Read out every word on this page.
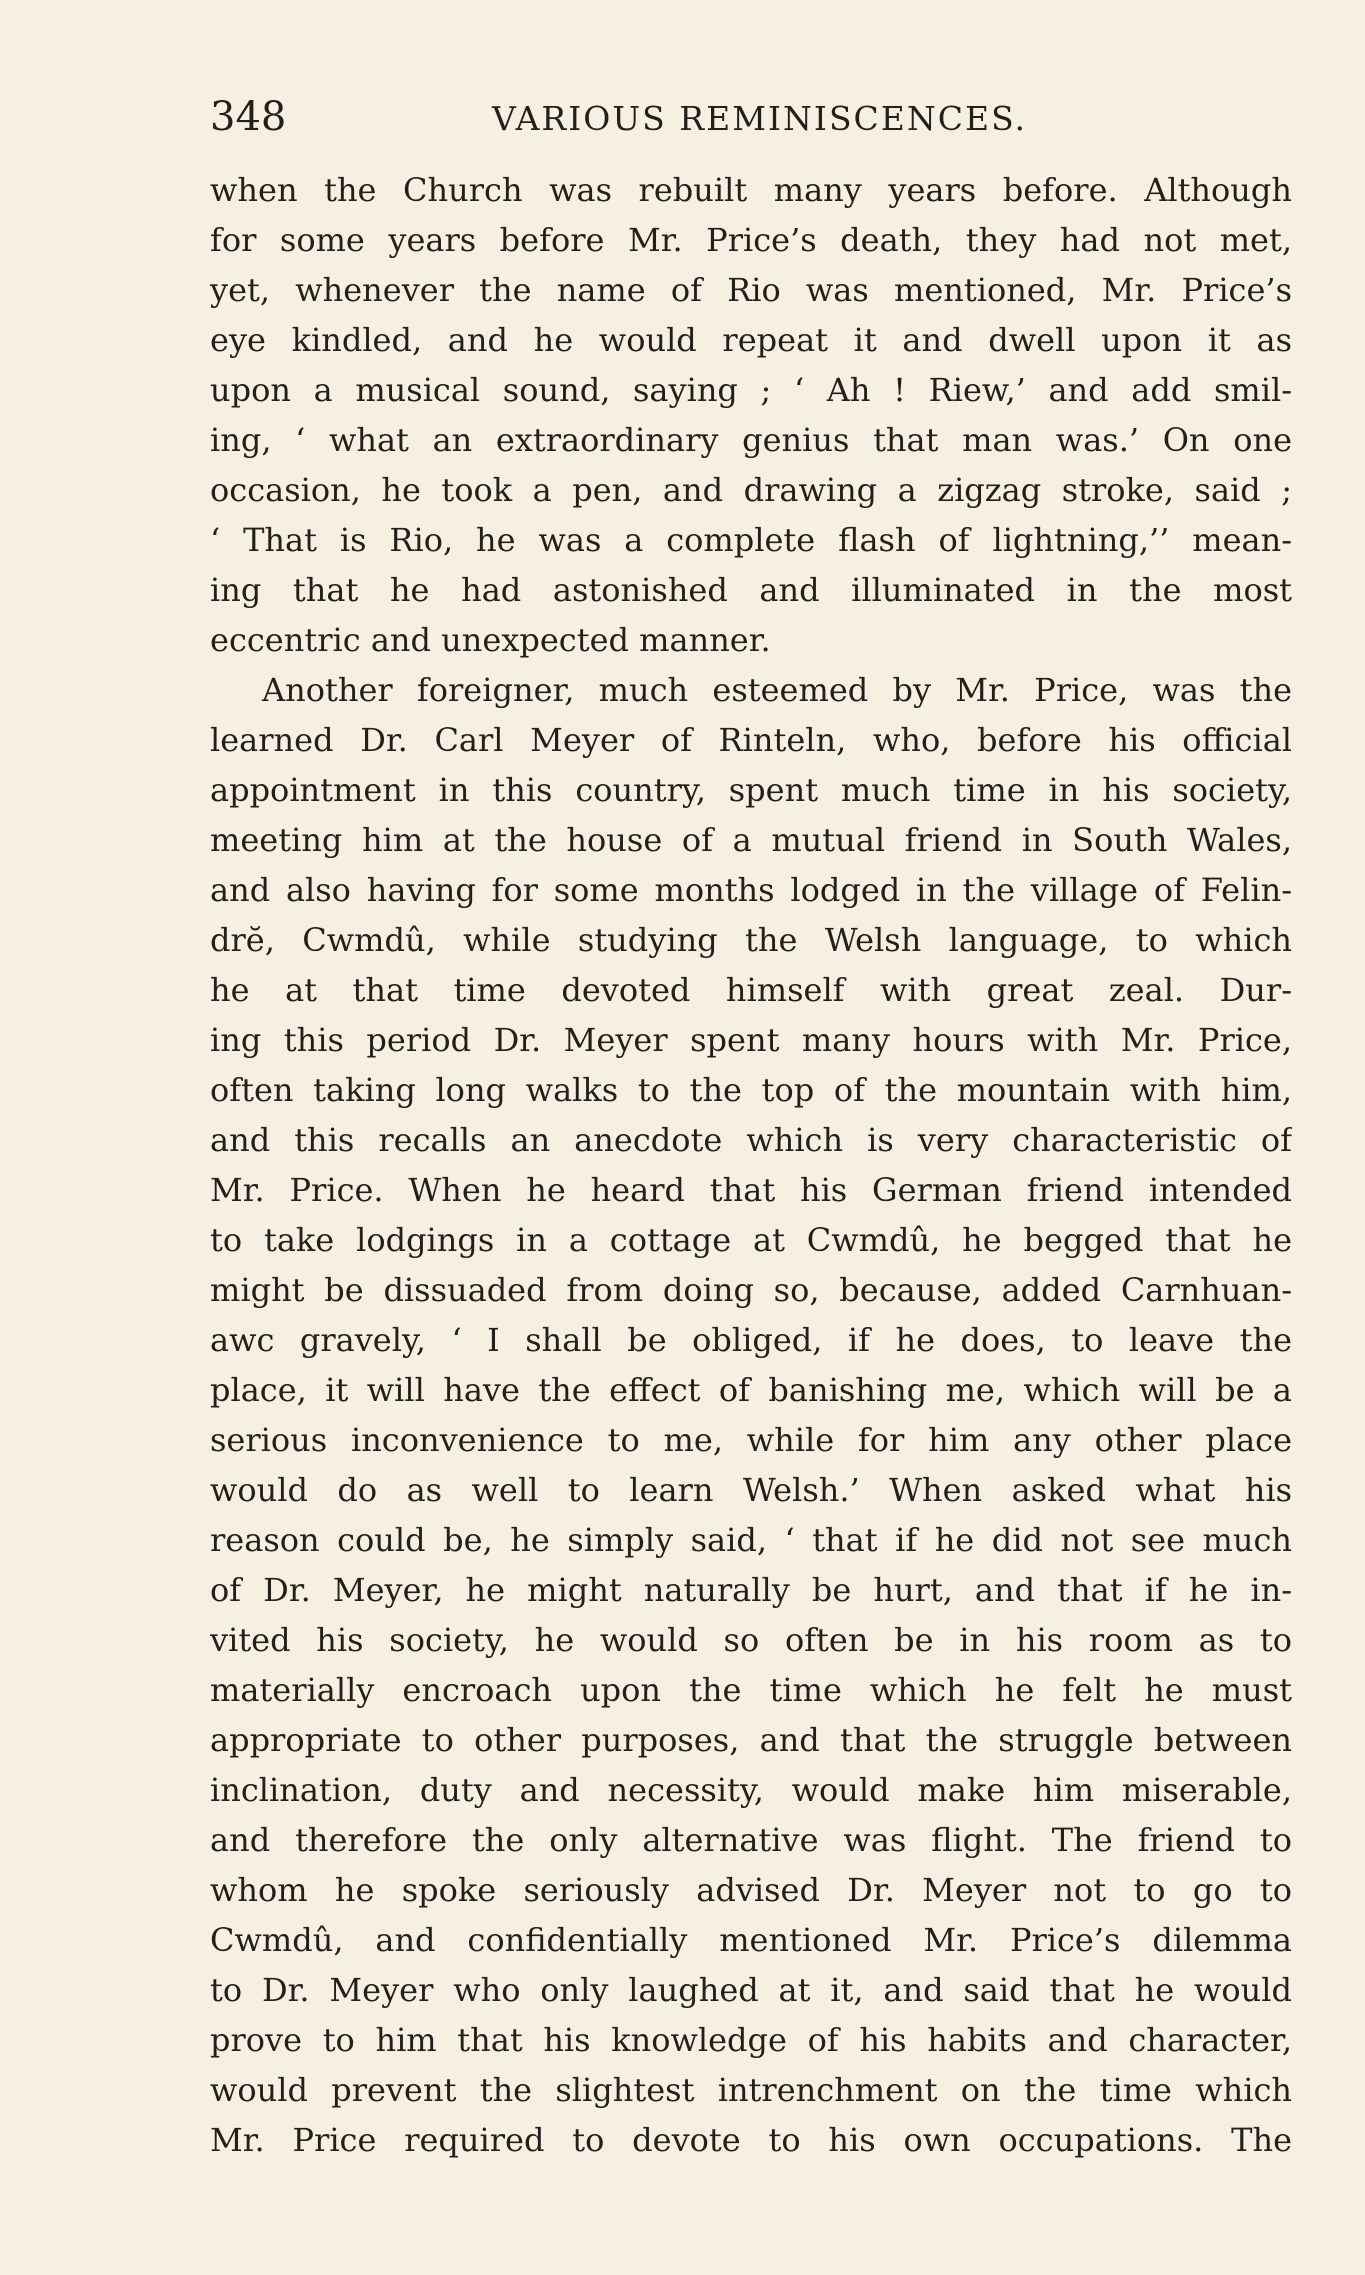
348	VARIOUS REMINISCENCES.
when the Church was rebuilt many years before. Although
for some years before Mr. Price’s death, they had not met,
yet, whenever the name of Rio was mentioned, Mr. Price’s
eye kindled, and he would repeat it and dwell upon it as
upon a musical sound, saying ; ‘ Ah ! Riew,’ and add smil-
ing, ‘ what an extraordinary genius that man was.’ On one
occasion, he took a pen, and drawing a zigzag stroke, said ;
‘ That is Rio, he was a complete flash of lightning,’’ mean-
ing that he had astonished and illuminated in the most
eccentric and unexpected manner.
Another foreigner, much esteemed by Mr. Price, was the
learned Dr. Carl Meyer of Rinteln, who, before his official
appointment in this country, spent much time in his society,
meeting him at the house of a mutual friend in South Wales,
and also having for some months lodged in the village of Felin-
drĕ, Cwmdû, while studying the Welsh language, to which
he at that time devoted himself with great zeal. Dur-
ing this period Dr. Meyer spent many hours with Mr. Price,
often taking long walks to the top of the mountain with him,
and this recalls an anecdote which is very characteristic of
Mr. Price. When he heard that his German friend intended
to take lodgings in a cottage at Cwmdû, he begged that he
might be dissuaded from doing so, because, added Carnhuan-
awc gravely, ‘ I shall be obliged, if he does, to leave the
place, it will have the effect of banishing me, which will be a
serious inconvenience to me, while for him any other place
would do as well to learn Welsh.’ When asked what his
reason could be, he simply said, ‘ that if he did not see much
of Dr. Meyer, he might naturally be hurt, and that if he in-
vited his society, he would so often be in his room as to
materially encroach upon the time which he felt he must
appropriate to other purposes, and that the struggle between
inclination, duty and necessity, would make him miserable,
and therefore the only alternative was flight. The friend to
whom he spoke seriously advised Dr. Meyer not to go to
Cwmdû, and confidentially mentioned Mr. Price’s dilemma
to Dr. Meyer who only laughed at it, and said that he would
prove to him that his knowledge of his habits and character,
would prevent the slightest intrenchment on the time which
Mr. Price required to devote to his own occupations. The
